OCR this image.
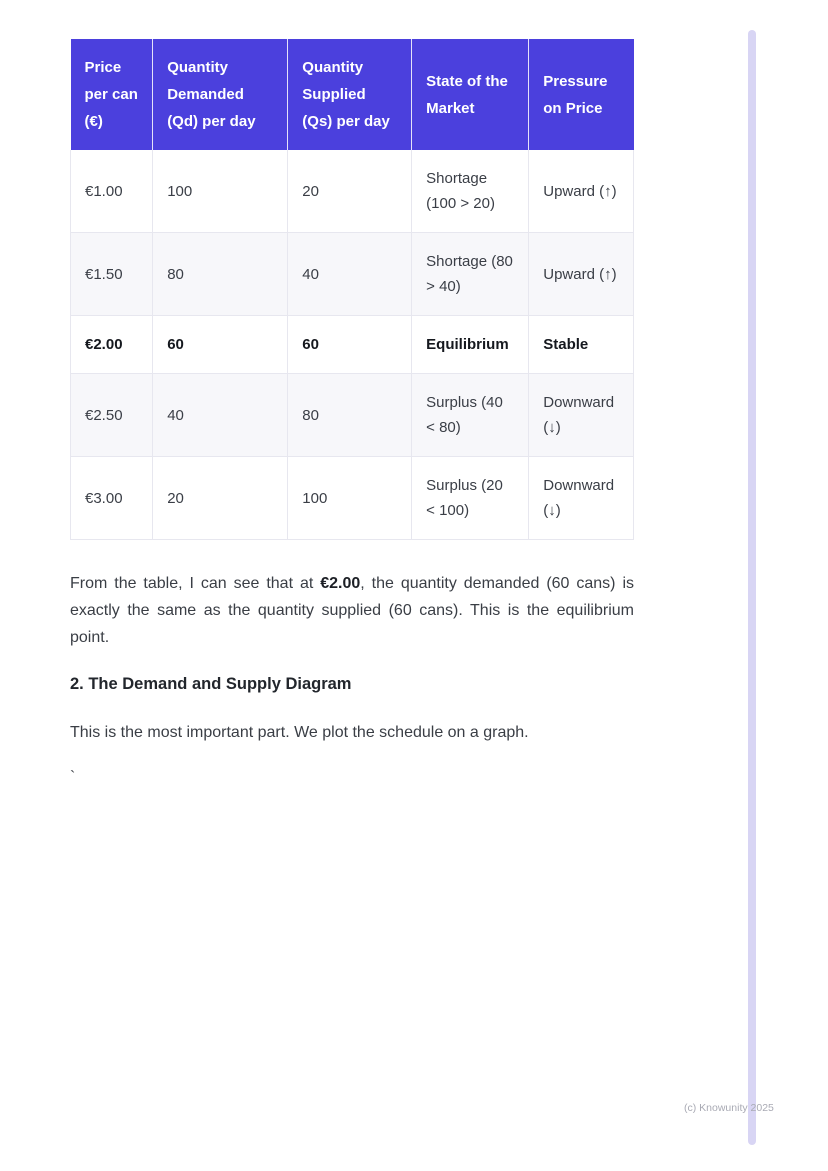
Price per can (€)	Quantity Demanded (Qd) per day	Quantity Supplied (Qs) per day	State of the Market	Pressure on Price
€1.00	100	20	Shortage (100 > 20)	Upward (↑)
€1.50	80	40	Shortage (80 > 40)	Upward (↑)
€2.00	60	60	Equilibrium	Stable
€2.50	40	80	Surplus (40 < 80)	Downward (↓)
€3.00	20	100	Surplus (20 < 100)	Downward (↓)

From the table, I can see that at €2.00, the quantity demanded (60 cans) is exactly the same as the quantity supplied (60 cans). This is the equilibrium point.

2. The Demand and Supply Diagram

This is the most important part. We plot the schedule on a graph.

`

(c) Knowunity 2025
